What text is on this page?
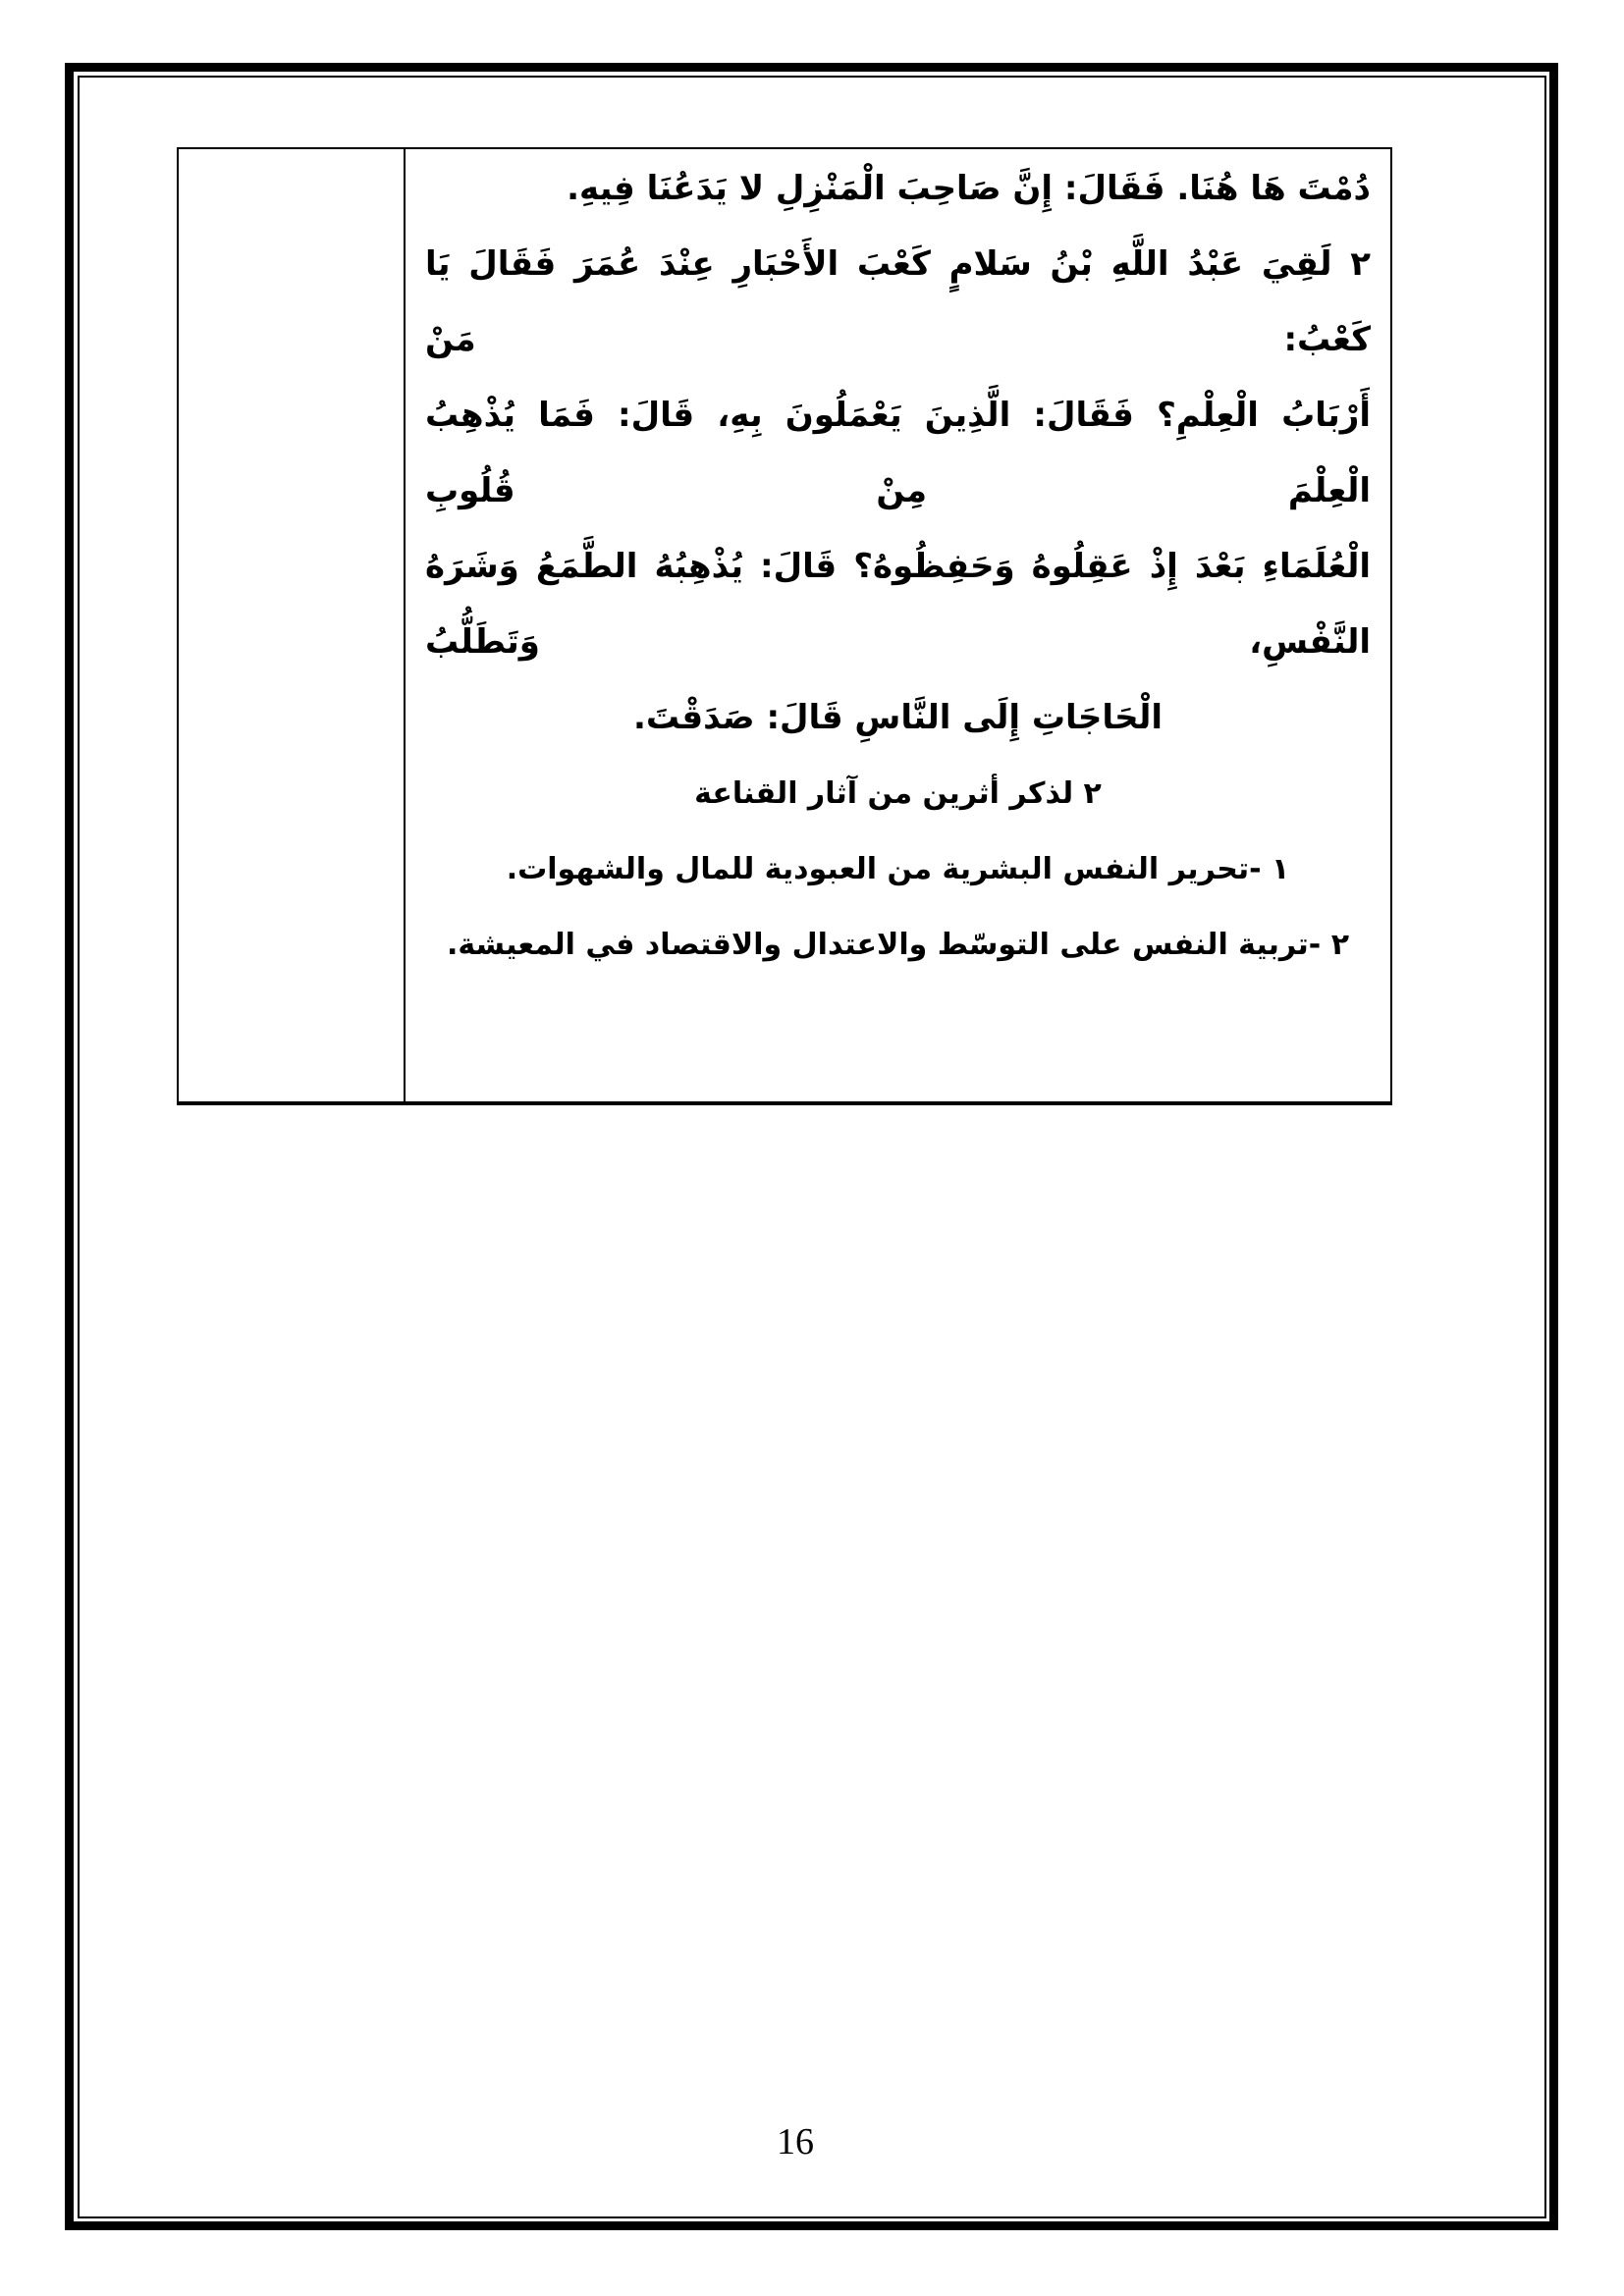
دُمْتَ هَا هُنَا. فَقَالَ: إِنَّ صَاحِبَ الْمَنْزِلِ لا يَدَعُنَا فِيهِ.
٢ لَقِيَ عَبْدُ اللَّهِ بْنُ سَلامٍ كَعْبَ الأَحْبَارِ عِنْدَ عُمَرَ فَقَالَ يَا كَعْبُ: مَنْ
أَرْبَابُ الْعِلْمِ؟ فَقَالَ: الَّذِينَ يَعْمَلُونَ بِهِ، قَالَ: فَمَا يُذْهِبُ الْعِلْمَ مِنْ قُلُوبِ
الْعُلَمَاءِ بَعْدَ إِذْ عَقِلُوهُ وَحَفِظُوهُ؟ قَالَ: يُذْهِبُهُ الطَّمَعُ وَشَرَهُ النَّفْسِ، وَتَطَلُّبُ
الْحَاجَاتِ إِلَى النَّاسِ قَالَ: صَدَقْتَ.
٢ لذكر أثرين من آثار القناعة
١ -تحرير النفس البشرية من العبودية للمال والشهوات.
٢ -تربية النفس على التوسّط والاعتدال والاقتصاد في المعيشة.
16
